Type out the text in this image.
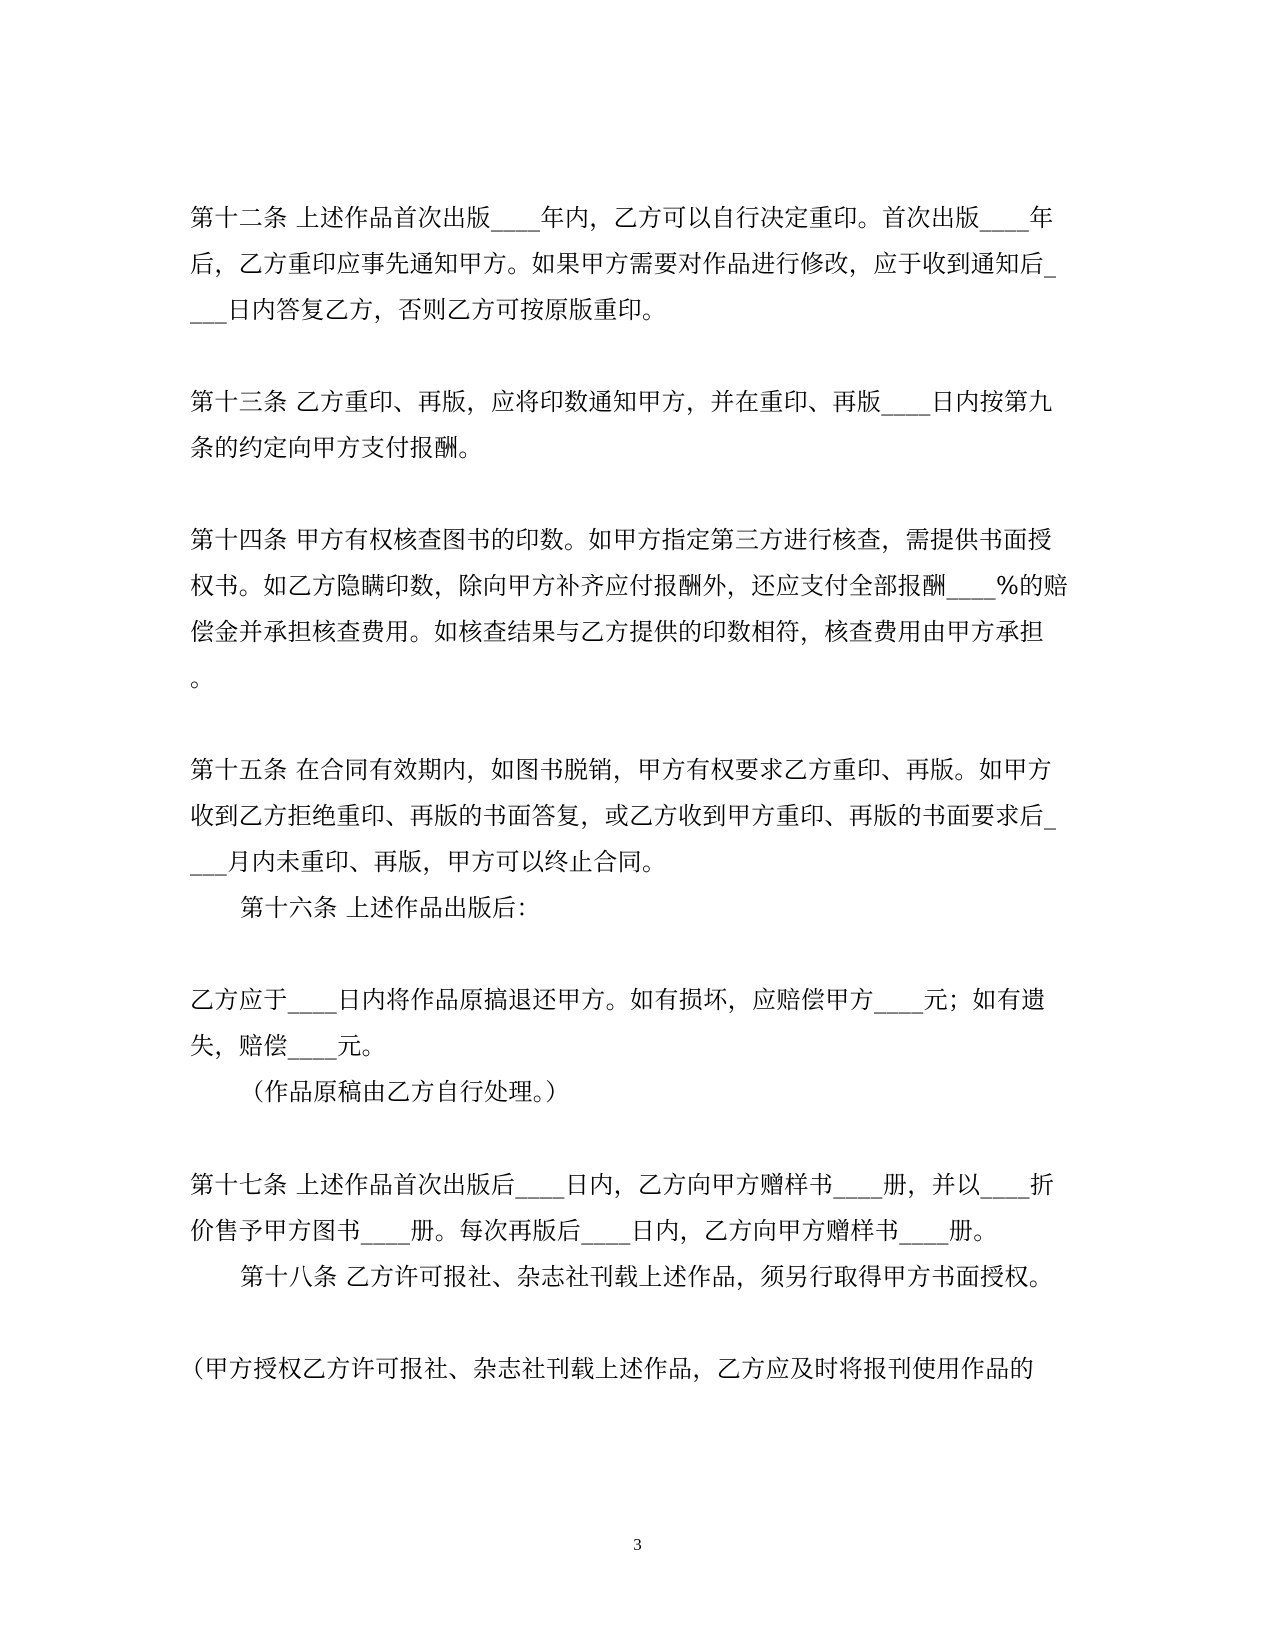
第十二条 上述作品首次出版____年内，乙方可以自行决定重印。首次出版____年
后，乙方重印应事先通知甲方。如果甲方需要对作品进行修改，应于收到通知后_
___日内答复乙方，否则乙方可按原版重印。
第十三条 乙方重印、再版，应将印数通知甲方，并在重印、再版____日内按第九
条的约定向甲方支付报酬。
第十四条 甲方有权核查图书的印数。如甲方指定第三方进行核查，需提供书面授
权书。如乙方隐瞒印数，除向甲方补齐应付报酬外，还应支付全部报酬____%的赔
偿金并承担核查费用。如核查结果与乙方提供的印数相符，核查费用由甲方承担
。
第十五条 在合同有效期内，如图书脱销，甲方有权要求乙方重印、再版。如甲方
收到乙方拒绝重印、再版的书面答复，或乙方收到甲方重印、再版的书面要求后_
___月内未重印、再版，甲方可以终止合同。
第十六条 上述作品出版后：
乙方应于____日内将作品原搞退还甲方。如有损坏，应赔偿甲方____元；如有遗
失，赔偿____元。
（作品原稿由乙方自行处理。）
第十七条 上述作品首次出版后____日内，乙方向甲方赠样书____册，并以____折
价售予甲方图书____册。每次再版后____日内，乙方向甲方赠样书____册。
第十八条 乙方许可报社、杂志社刊载上述作品，须另行取得甲方书面授权。
（甲方授权乙方许可报社、杂志社刊载上述作品，乙方应及时将报刊使用作品的
3
